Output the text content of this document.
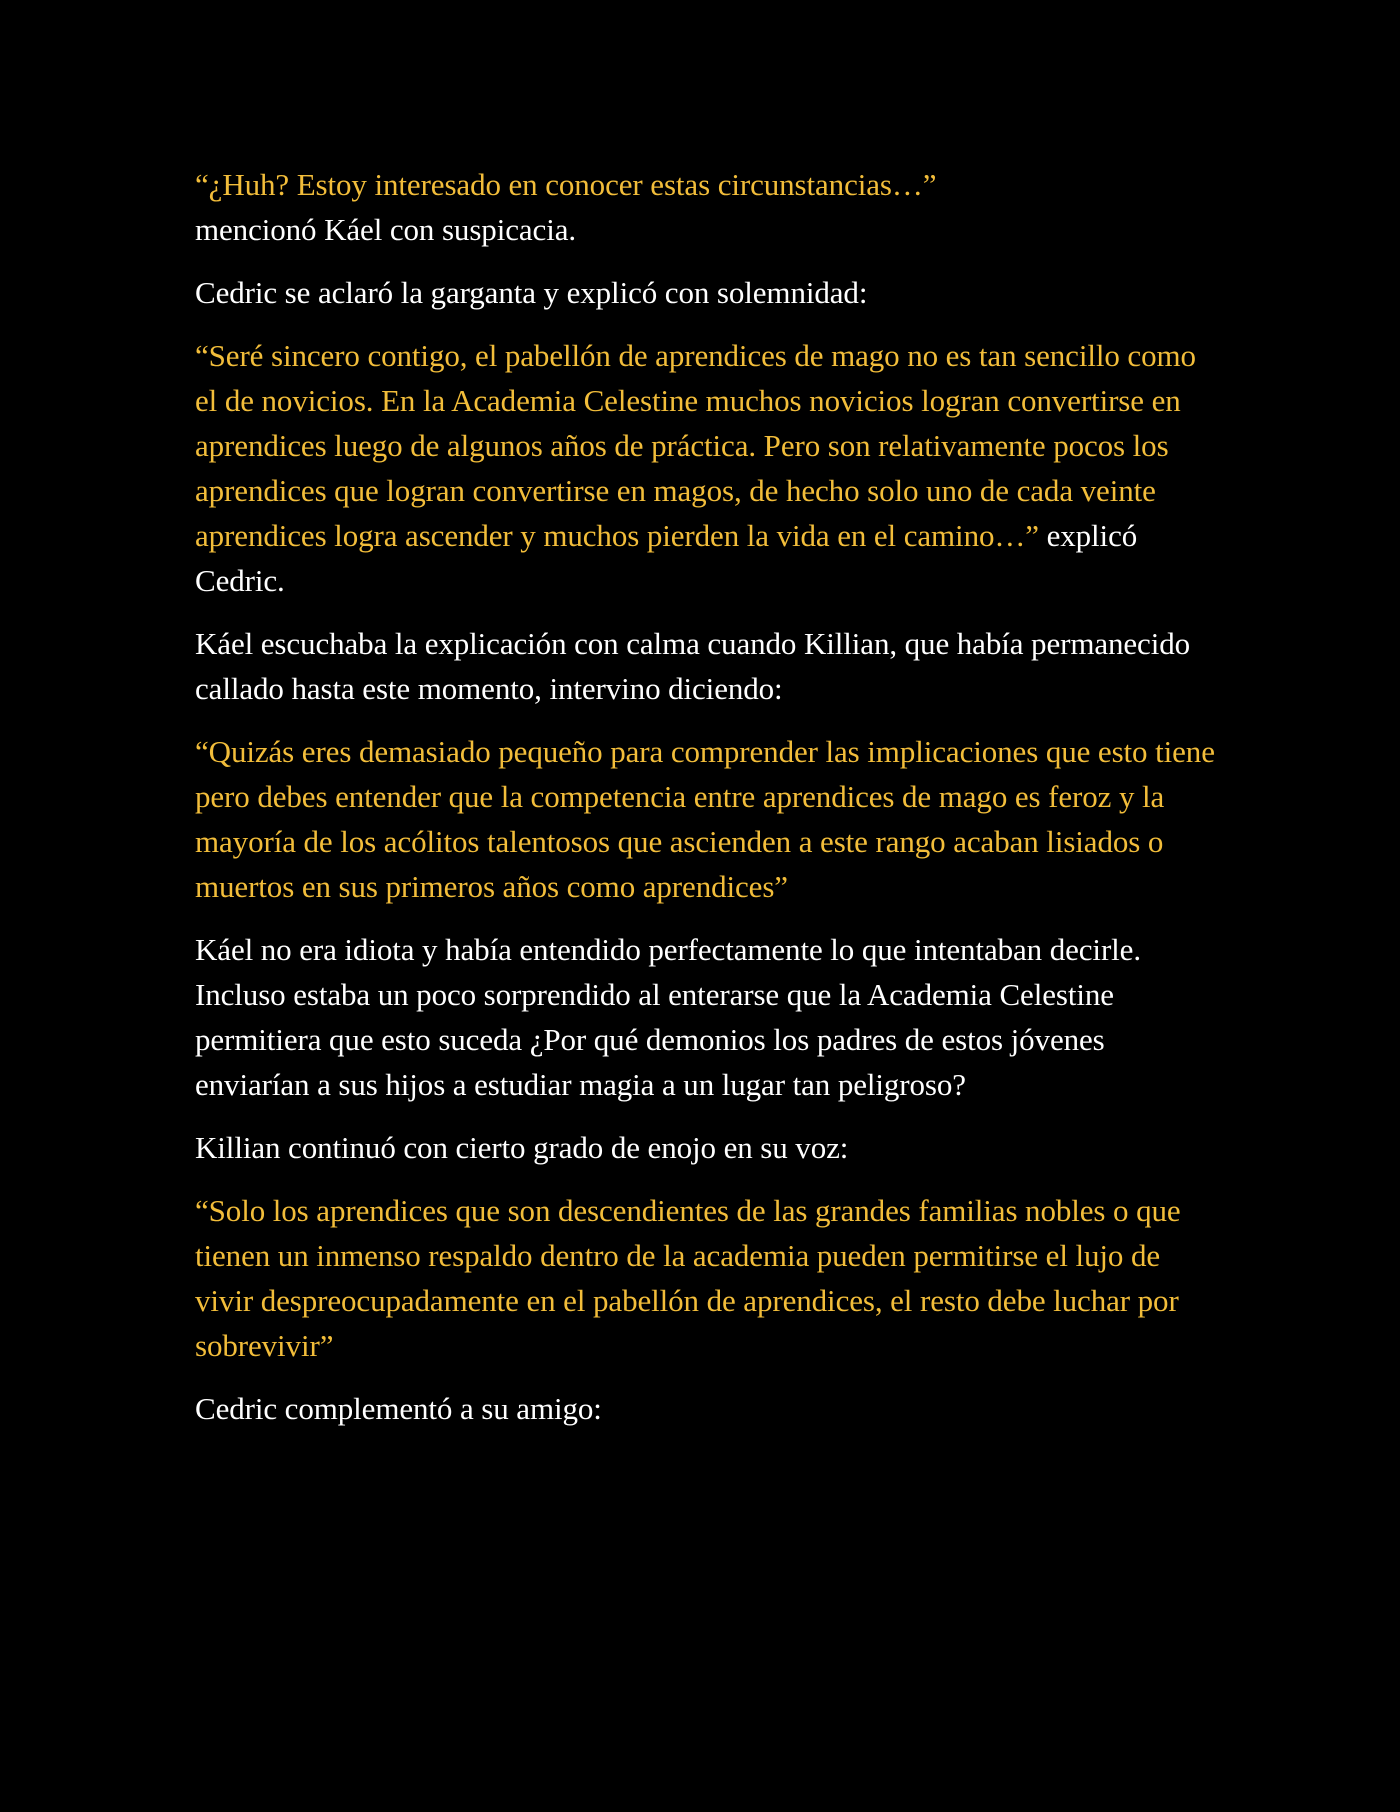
“¿Huh? Estoy interesado en conocer estas circunstancias…”
mencionó Káel con suspicacia.

Cedric se aclaró la garganta y explicó con solemnidad:

“Seré sincero contigo, el pabellón de aprendices de mago no es tan sencillo como el de novicios. En la Academia Celestine muchos novicios logran convertirse en aprendices luego de algunos años de práctica. Pero son relativamente pocos los aprendices que logran convertirse en magos, de hecho solo uno de cada veinte aprendices logra ascender y muchos pierden la vida en el camino…” explicó Cedric.

Káel escuchaba la explicación con calma cuando Killian, que había permanecido callado hasta este momento, intervino diciendo:

“Quizás eres demasiado pequeño para comprender las implicaciones que esto tiene pero debes entender que la competencia entre aprendices de mago es feroz y la mayoría de los acólitos talentosos que ascienden a este rango acaban lisiados o muertos en sus primeros años como aprendices”

Káel no era idiota y había entendido perfectamente lo que intentaban decirle. Incluso estaba un poco sorprendido al enterarse que la Academia Celestine permitiera que esto suceda ¿Por qué demonios los padres de estos jóvenes enviarían a sus hijos a estudiar magia a un lugar tan peligroso?

Killian continuó con cierto grado de enojo en su voz:

“Solo los aprendices que son descendientes de las grandes familias nobles o que tienen un inmenso respaldo dentro de la academia pueden permitirse el lujo de vivir despreocupadamente en el pabellón de aprendices, el resto debe luchar por sobrevivir”

Cedric complementó a su amigo:
